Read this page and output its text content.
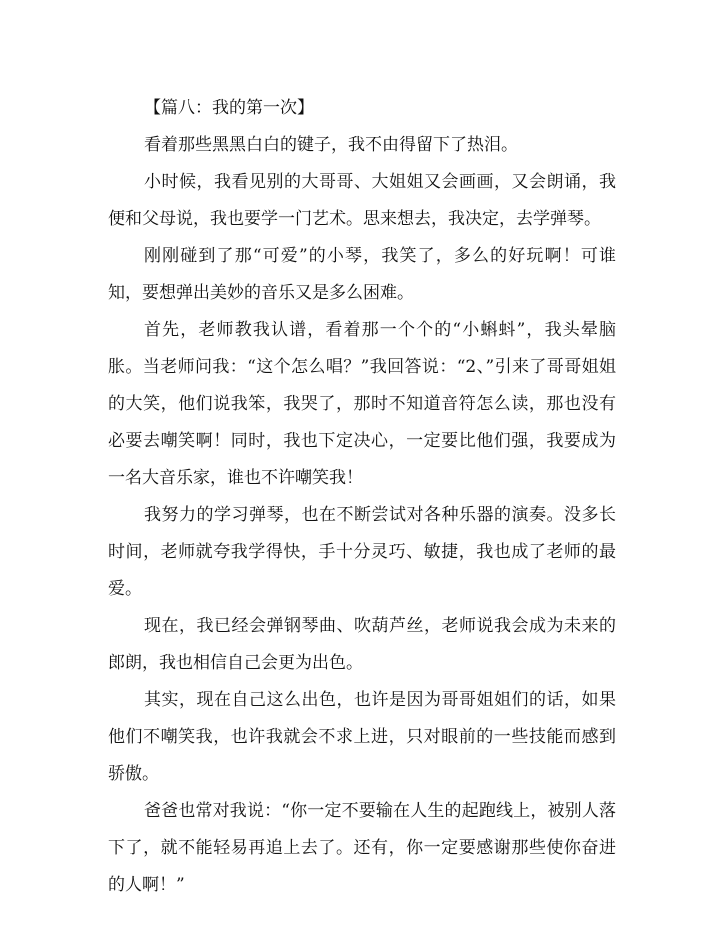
【篇八：我的第一次】

看着那些黑黑白白的键子，我不由得留下了热泪。

小时候，我看见别的大哥哥、大姐姐又会画画，又会朗诵，我便和父母说，我也要学一门艺术。思来想去，我决定，去学弹琴。

刚刚碰到了那“可爱”的小琴，我笑了，多么的好玩啊！可谁知，要想弹出美妙的音乐又是多么困难。

首先，老师教我认谱，看着那一个个的“小蝌蚪”，我头晕脑胀。当老师问我：“这个怎么唱？”我回答说：“2、”引来了哥哥姐姐的大笑，他们说我笨，我哭了，那时不知道音符怎么读，那也没有必要去嘲笑啊！同时，我也下定决心，一定要比他们强，我要成为一名大音乐家，谁也不许嘲笑我！

我努力的学习弹琴，也在不断尝试对各种乐器的演奏。没多长时间，老师就夸我学得快，手十分灵巧、敏捷，我也成了老师的最爱。

现在，我已经会弹钢琴曲、吹葫芦丝，老师说我会成为未来的郎朗，我也相信自己会更为出色。

其实，现在自己这么出色，也许是因为哥哥姐姐们的话，如果他们不嘲笑我，也许我就会不求上进，只对眼前的一些技能而感到骄傲。

爸爸也常对我说：“你一定不要输在人生的起跑线上，被别人落下了，就不能轻易再追上去了。还有，你一定要感谢那些使你奋进的人啊！”
